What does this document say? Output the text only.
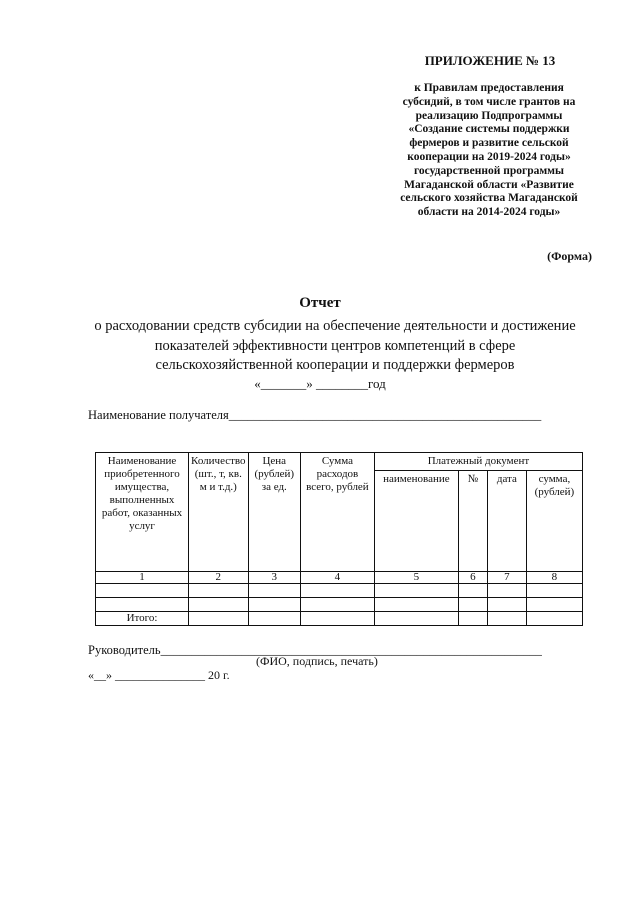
ПРИЛОЖЕНИЕ № 13
к Правилам предоставления
субсидий, в том числе грантов на
реализацию Подпрограммы
«Создание системы поддержки
фермеров и развитие сельской
кооперации на 2019-2024 годы»
государственной программы
Магаданской области «Развитие
сельского хозяйства Магаданской
области на 2014-2024 годы»
(Форма)
Отчет
о расходовании средств субсидии на обеспечение деятельности и достижение
показателей эффективности центров компетенций в сфере
сельскохозяйственной кооперации и поддержки фермеров
«_______» ________год
Наименование получателя__________________________________________________
Наименование приобретенного имущества, выполненных работ, оказанных услуг	Количество (шт., т, кв. м и т.д.)	Цена (рублей) за ед.	Сумма расходов всего, рублей	Платежный документ			
				наименование	№	дата	сумма, (рублей)
1	2	3	4	5	6	7	8

Итого:							
Руководитель_____________________________________________________________
(ФИО, подпись, печать)
«__» _______________ 20 г.
